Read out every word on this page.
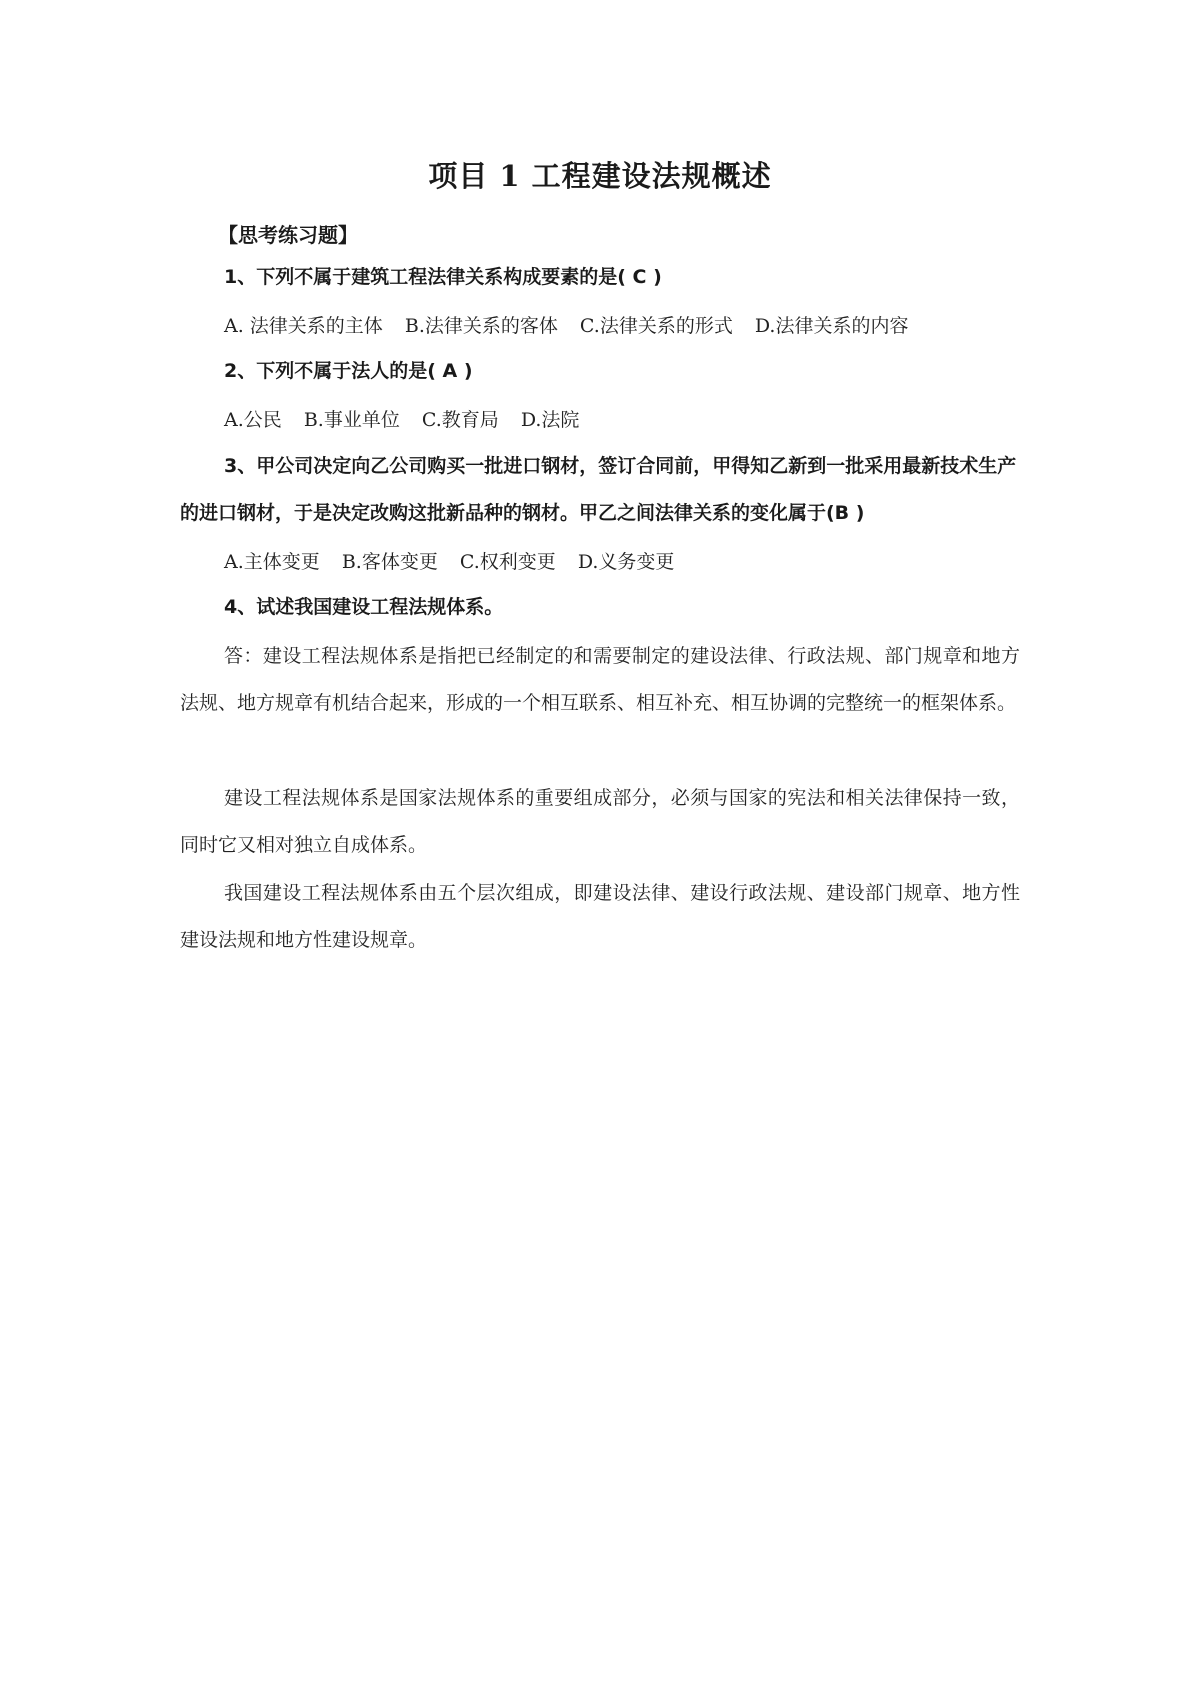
项目 1 工程建设法规概述
【思考练习题】
1、下列不属于建筑工程法律关系构成要素的是( C )
A. 法律关系的主体 B.法律关系的客体 C.法律关系的形式 D.法律关系的内容
2、下列不属于法人的是( A )
A.公民 B.事业单位 C.教育局 D.法院
3、甲公司决定向乙公司购买一批进口钢材，签订合同前，甲得知乙新到一批采用最新技术生产的进口钢材，于是决定改购这批新品种的钢材。甲乙之间法律关系的变化属于(B )
A.主体变更 B.客体变更 C.权利变更 D.义务变更
4、试述我国建设工程法规体系。
答：建设工程法规体系是指把已经制定的和需要制定的建设法律、行政法规、部门规章和地方法规、地方规章有机结合起来，形成的一个相互联系、相互补充、相互协调的完整统一的框架体系。
建设工程法规体系是国家法规体系的重要组成部分，必须与国家的宪法和相关法律保持一致，同时它又相对独立自成体系。
我国建设工程法规体系由五个层次组成，即建设法律、建设行政法规、建设部门规章、地方性建设法规和地方性建设规章。
